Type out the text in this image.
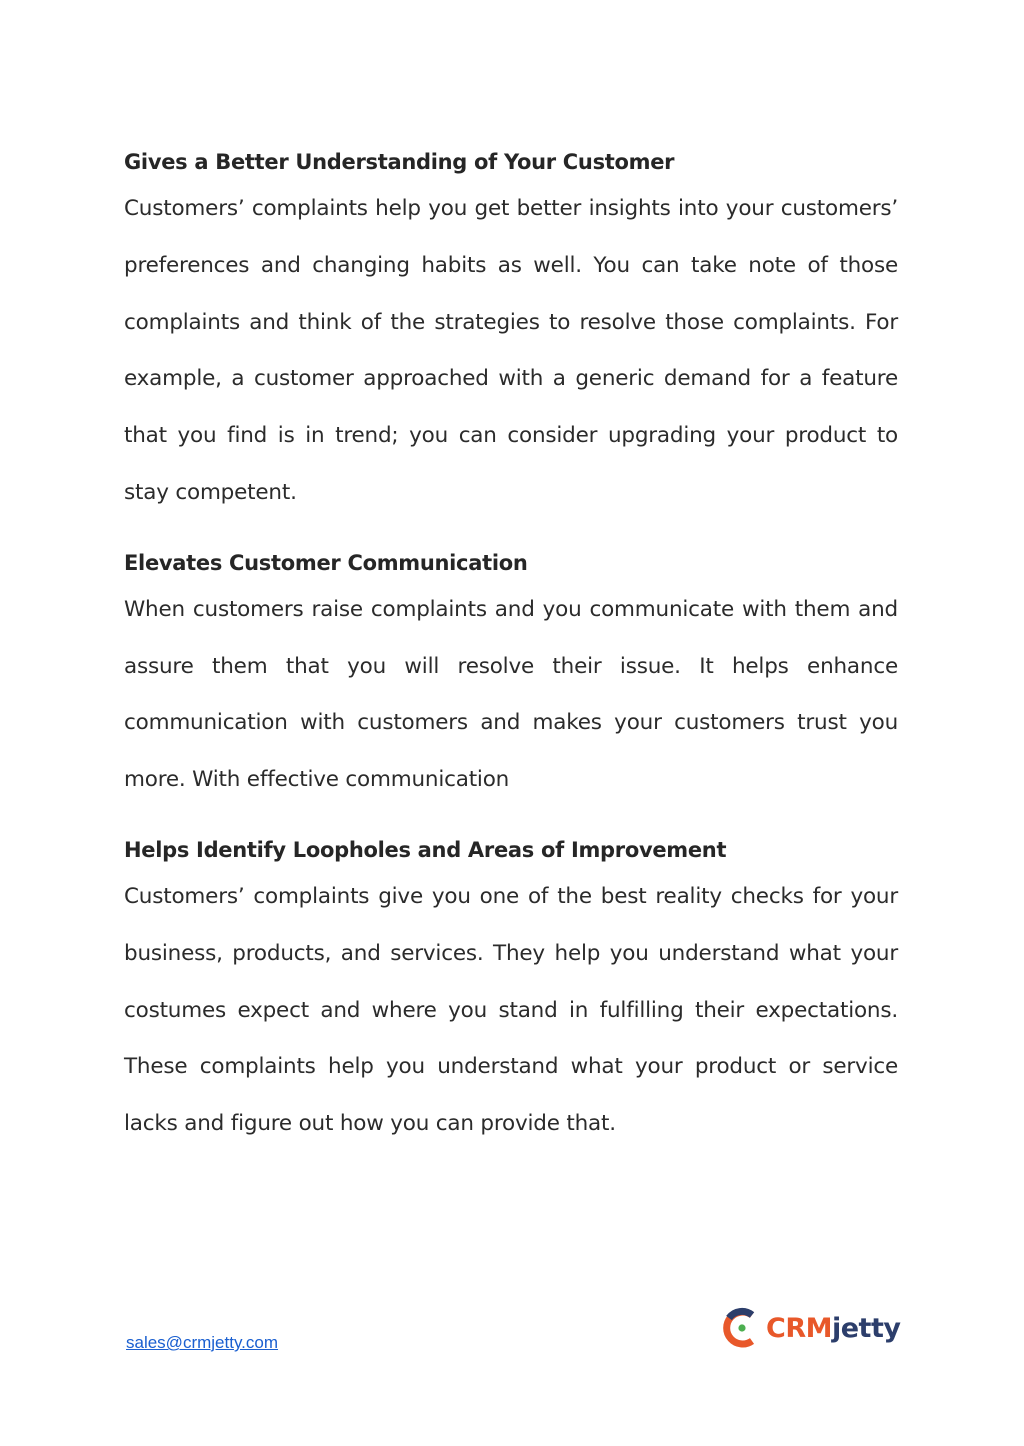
Gives a Better Understanding of Your Customer

Customers’ complaints help you get better insights into your customers’ preferences and changing habits as well. You can take note of those complaints and think of the strategies to resolve those complaints. For example, a customer approached with a generic demand for a feature that you find is in trend; you can consider upgrading your product to stay competent.

Elevates Customer Communication

When customers raise complaints and you communicate with them and assure them that you will resolve their issue. It helps enhance communication with customers and makes your customers trust you more. With effective communication

Helps Identify Loopholes and Areas of Improvement

Customers’ complaints give you one of the best reality checks for your business, products, and services. They help you understand what your costumes expect and where you stand in fulfilling their expectations. These complaints help you understand what your product or service lacks and figure out how you can provide that.

sales@crmjetty.com	CRMjetty
